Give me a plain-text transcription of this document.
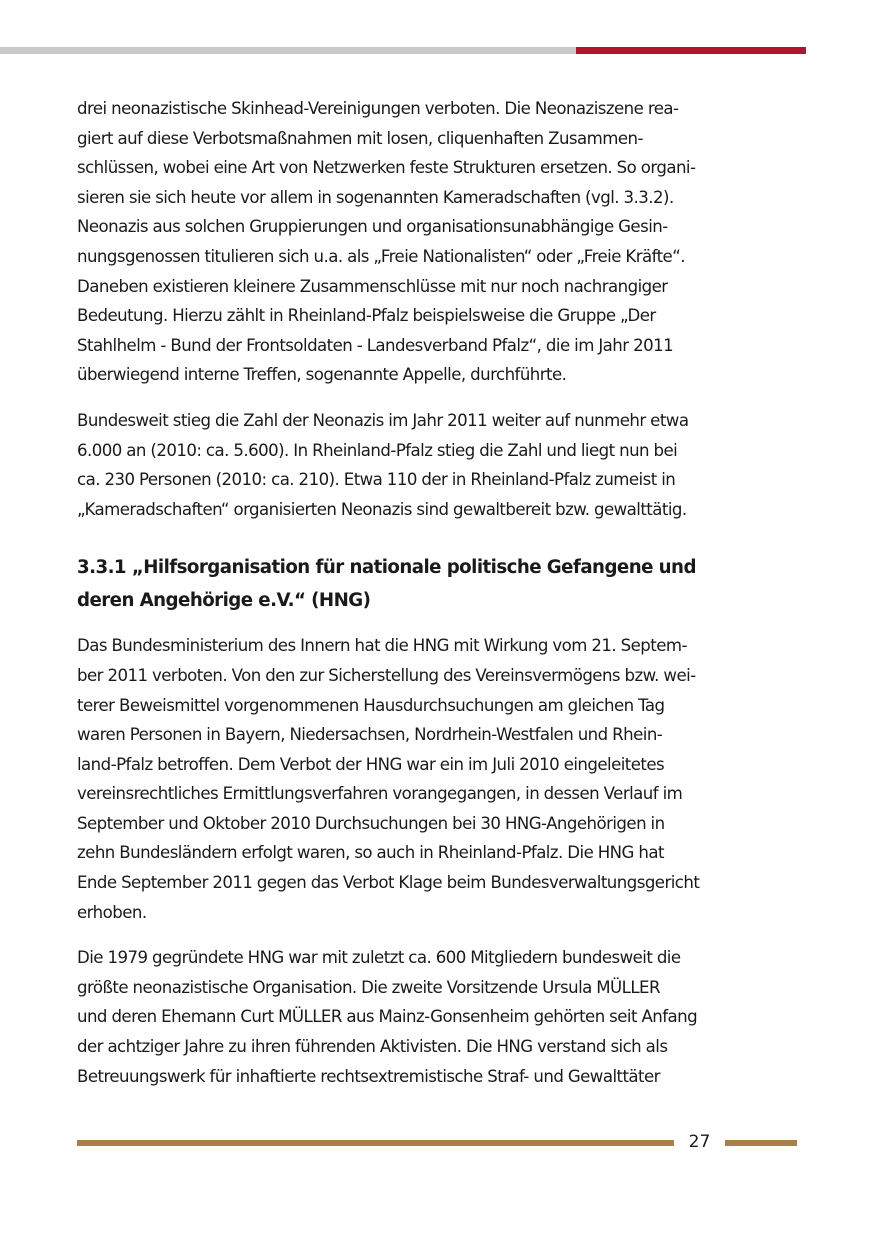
drei neonazistische Skinhead-Vereinigungen verboten. Die Neonaziszene rea-
giert auf diese Verbotsmaßnahmen mit losen, cliquenhaften Zusammen-
schlüssen, wobei eine Art von Netzwerken feste Strukturen ersetzen. So organi-
sieren sie sich heute vor allem in sogenannten Kameradschaften (vgl. 3.3.2).
Neonazis aus solchen Gruppierungen und organisationsunabhängige Gesin-
nungsgenossen titulieren sich u.a. als „Freie Nationalisten“ oder „Freie Kräfte“.
Daneben existieren kleinere Zusammenschlüsse mit nur noch nachrangiger
Bedeutung. Hierzu zählt in Rheinland-Pfalz beispielsweise die Gruppe „Der
Stahlhelm - Bund der Frontsoldaten - Landesverband Pfalz“, die im Jahr 2011
überwiegend interne Treffen, sogenannte Appelle, durchführte.

Bundesweit stieg die Zahl der Neonazis im Jahr 2011 weiter auf nunmehr etwa
6.000 an (2010: ca. 5.600). In Rheinland-Pfalz stieg die Zahl und liegt nun bei
ca. 230 Personen (2010: ca. 210). Etwa 110 der in Rheinland-Pfalz zumeist in
„Kameradschaften“ organisierten Neonazis sind gewaltbereit bzw. gewalttätig.

3.3.1 „Hilfsorganisation für nationale politische Gefangene und
deren Angehörige e.V.“ (HNG)

Das Bundesministerium des Innern hat die HNG mit Wirkung vom 21. Septem-
ber 2011 verboten. Von den zur Sicherstellung des Vereinsvermögens bzw. wei-
terer Beweismittel vorgenommenen Hausdurchsuchungen am gleichen Tag
waren Personen in Bayern, Niedersachsen, Nordrhein-Westfalen und Rhein-
land-Pfalz betroffen. Dem Verbot der HNG war ein im Juli 2010 eingeleitetes
vereinsrechtliches Ermittlungsverfahren vorangegangen, in dessen Verlauf im
September und Oktober 2010 Durchsuchungen bei 30 HNG-Angehörigen in
zehn Bundesländern erfolgt waren, so auch in Rheinland-Pfalz. Die HNG hat
Ende September 2011 gegen das Verbot Klage beim Bundesverwaltungsgericht
erhoben.

Die 1979 gegründete HNG war mit zuletzt ca. 600 Mitgliedern bundesweit die
größte neonazistische Organisation. Die zweite Vorsitzende Ursula MÜLLER
und deren Ehemann Curt MÜLLER aus Mainz-Gonsenheim gehörten seit Anfang
der achtziger Jahre zu ihren führenden Aktivisten. Die HNG verstand sich als
Betreuungswerk für inhaftierte rechtsextremistische Straf- und Gewalttäter

27
